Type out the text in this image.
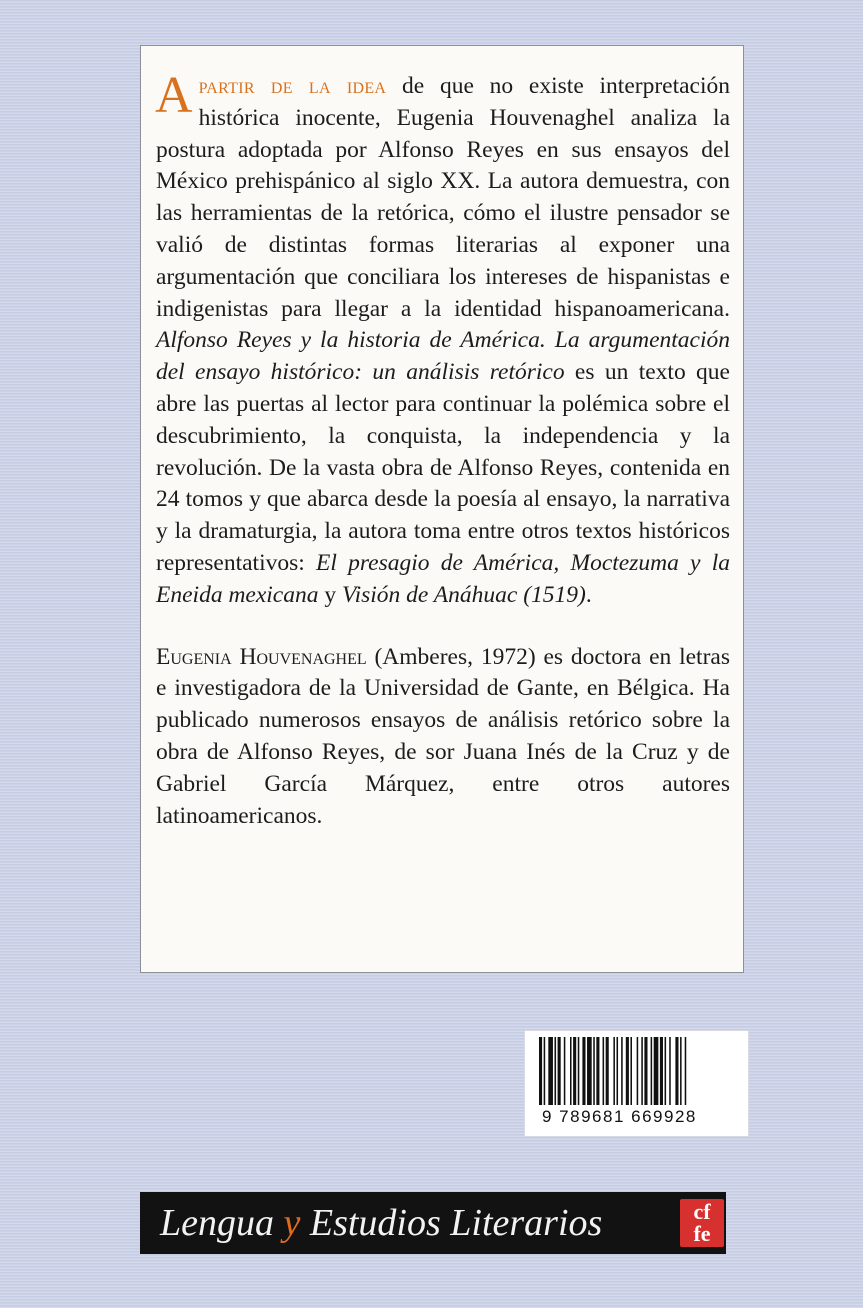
Apartir de la idea de que no existe interpretación histórica inocente, Eugenia Houvenaghel analiza la postura adoptada por Alfonso Reyes en sus ensayos del México prehispánico al siglo XX. La autora demuestra, con las herramientas de la retórica, cómo el ilustre pensador se valió de distintas formas literarias al exponer una argumentación que conciliara los intereses de hispanistas e indigenistas para llegar a la identidad hispanoamericana. Alfonso Reyes y la historia de América. La argumentación del ensayo histórico: un análisis retórico es un texto que abre las puertas al lector para continuar la polémica sobre el descubrimiento, la conquista, la independencia y la revolución. De la vasta obra de Alfonso Reyes, contenida en 24 tomos y que abarca desde la poesía al ensayo, la narrativa y la dramaturgia, la autora toma entre otros textos históricos representativos: El presagio de América, Moctezuma y la Eneida mexicana y Visión de Anáhuac (1519).

Eugenia Houvenaghel (Amberes, 1972) es doctora en letras e investigadora de la Universidad de Gante, en Bélgica. Ha publicado numerosos ensayos de análisis retórico sobre la obra de Alfonso Reyes, de sor Juana Inés de la Cruz y de Gabriel García Márquez, entre otros autores latinoamericanos.

9 789681 669928
Lengua y Estudios Literarios	cf
fe
